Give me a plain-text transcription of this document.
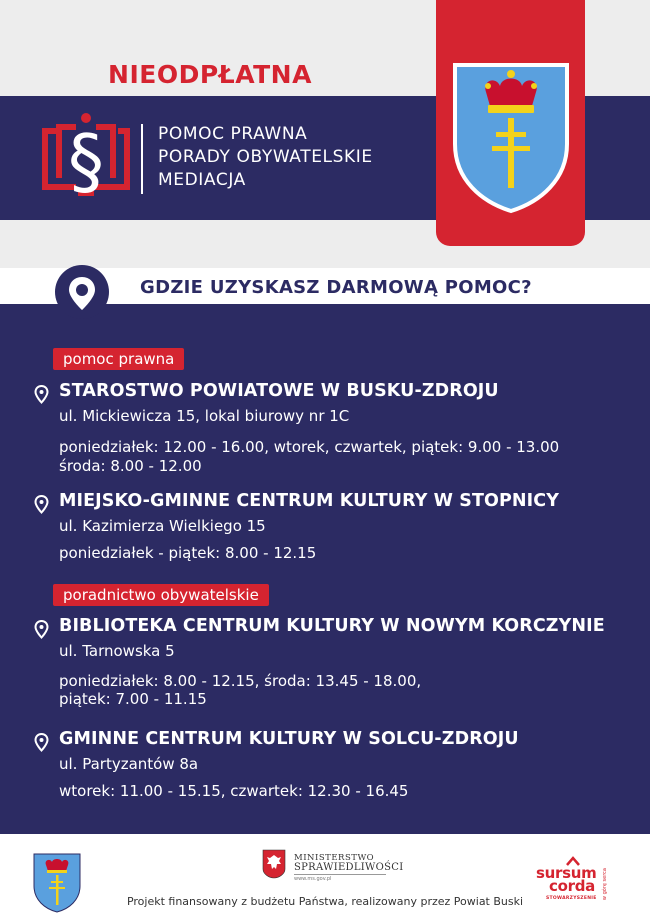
NIEODPŁATNA
§	POMOC PRAWNA
PORADY OBYWATELSKIE
MEDIACJA
GDZIE UZYSKASZ DARMOWĄ POMOC?
pomoc prawna
STAROSTWO POWIATOWE W BUSKU-ZDROJU
ul. Mickiewicza 15, lokal biurowy nr 1C
poniedziałek: 12.00 - 16.00, wtorek, czwartek, piątek: 9.00 - 13.00
środa: 8.00 - 12.00
MIEJSKO-GMINNE CENTRUM KULTURY W STOPNICY
ul. Kazimierza Wielkiego 15
poniedziałek - piątek: 8.00 - 12.15
poradnictwo obywatelskie
BIBLIOTEKA CENTRUM KULTURY W NOWYM KORCZYNIE
ul. Tarnowska 5
poniedziałek: 8.00 - 12.15, środa: 13.45 - 18.00,
piątek: 7.00 - 11.15
GMINNE CENTRUM KULTURY W SOLCU-ZDROJU
ul. Partyzantów 8a
wtorek: 11.00 - 15.15, czwartek: 12.30 - 16.45
MINISTERSTWO
SPRAWIEDLIWOŚCI
www.ms.gov.pl
Projekt finansowany z budżetu Państwa, realizowany przez Powiat Buski
sursum
corda
STOWARZYSZENIE w górę serca
